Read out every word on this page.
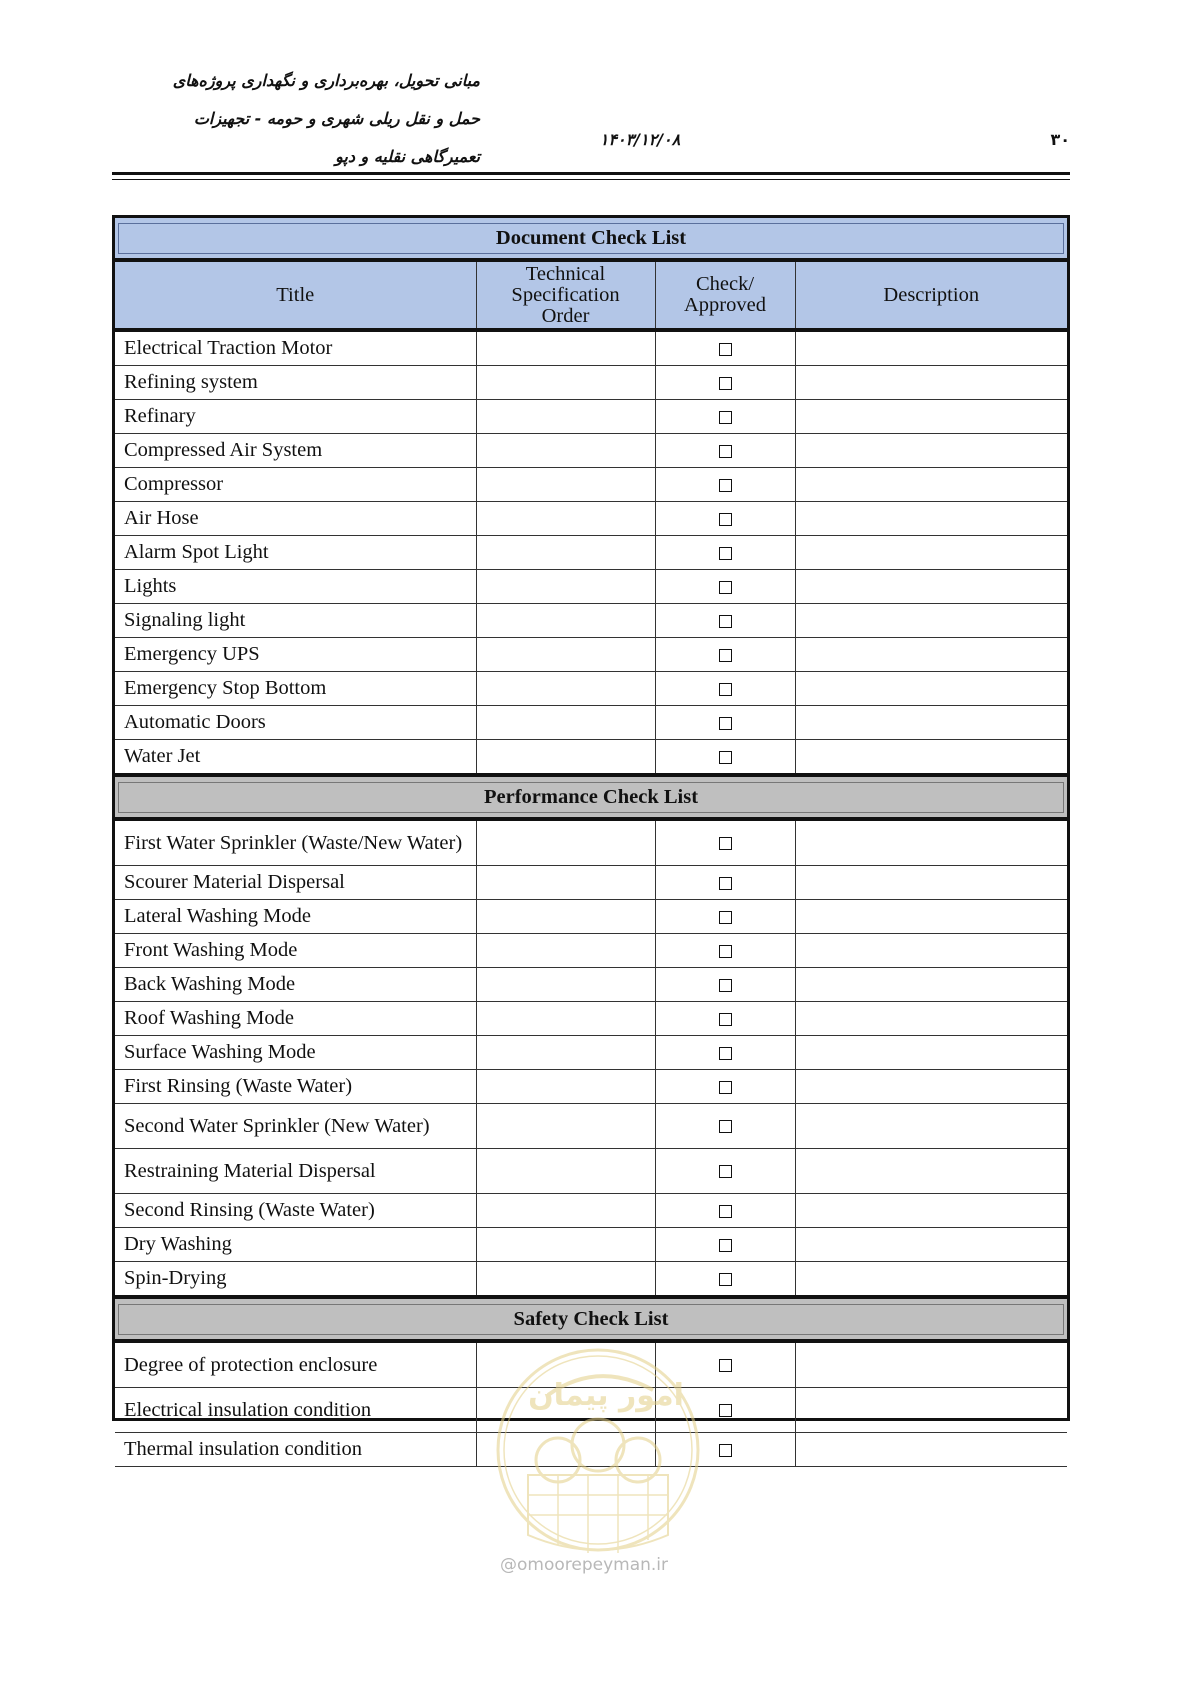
مبانی تحویل، بهره‌برداری و نگهداری پروژه‌های
حمل و نقل ریلی شهری و حومه - تجهیزات
تعمیرگاهی نقلیه و دپو
۱۴۰۳/۱۲/۰۸	۳۰
Document Check List			

Title	Technical Specification Order	Check/ Approved	Description
Electrical Traction Motor			
Refining system			
Refinary			
Compressed Air System			
Compressor			
Air Hose			
Alarm Spot Light			
Lights			
Signaling light			
Emergency UPS			
Emergency Stop Bottom			
Automatic Doors			
Water Jet			

Performance Check List			

First Water Sprinkler (Waste/New Water)			
Scourer Material Dispersal			
Lateral Washing Mode			
Front Washing Mode			
Back Washing Mode			
Roof Washing Mode			
Surface Washing Mode			
First Rinsing (Waste Water)			
Second Water Sprinkler (New Water)			
Restraining Material Dispersal			
Second Rinsing (Waste Water)			
Dry Washing			
Spin-Drying			

Safety Check List			

Degree of protection enclosure			
Electrical insulation condition			
Thermal insulation condition			
امور پیمان
@omoorepeyman.ir
